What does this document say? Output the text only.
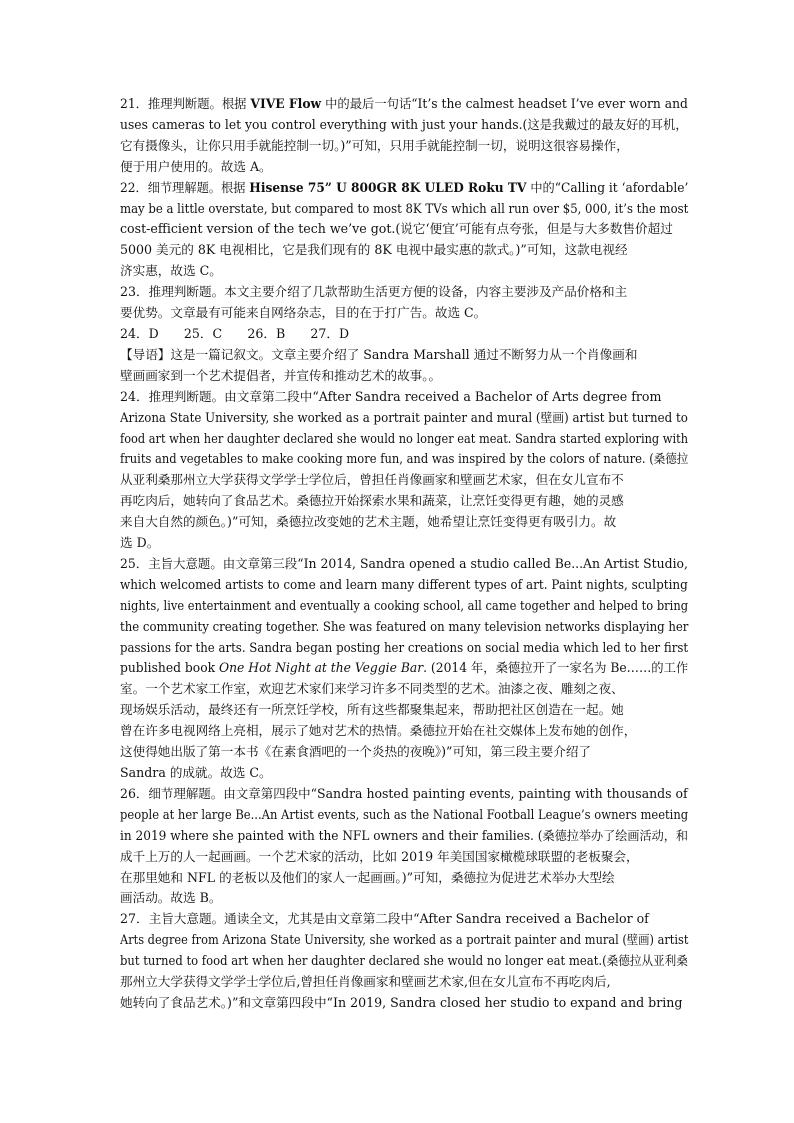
21．推理判断题。根据 VIVE Flow 中的最后一句话“It’s the calmest headset I’ve ever worn and
uses cameras to let you control everything with just your hands.(这是我戴过的最友好的耳机，
它有摄像头，让你只用手就能控制一切。)”可知，只用手就能控制一切，说明这很容易操作，
便于用户使用的。故选 A。
22．细节理解题。根据 Hisense 75” U 800GR 8K ULED Roku TV 中的“Calling it ‘afordable’
may be a little overstate, but compared to most 8K TVs which all run over $5, 000, it’s the most
cost-efficient version of the tech we’ve got.(说它‘便宜’可能有点夸张，但是与大多数售价超过
5000 美元的 8K 电视相比，它是我们现有的 8K 电视中最实惠的款式。)”可知，这款电视经
济实惠，故选 C。
23．推理判断题。本文主要介绍了几款帮助生活更方便的设备，内容主要涉及产品价格和主
要优势。文章最有可能来自网络杂志，目的在于打广告。故选 C。
24．D　　25．C　　26．B　　27．D
【导语】这是一篇记叙文。文章主要介绍了 Sandra Marshall 通过不断努力从一个肖像画和
壁画画家到一个艺术提倡者，并宣传和推动艺术的故事。。
24．推理判断题。由文章第二段中“After Sandra received a Bachelor of Arts degree from
Arizona State University, she worked as a portrait painter and mural (壁画) artist but turned to
food art when her daughter declared she would no longer eat meat. Sandra started exploring with
fruits and vegetables to make cooking more fun, and was inspired by the colors of nature. (桑德拉
从亚利桑那州立大学获得文学学士学位后，曾担任肖像画家和壁画艺术家，但在女儿宣布不
再吃肉后，她转向了食品艺术。桑德拉开始探索水果和蔬菜，让烹饪变得更有趣，她的灵感
来自大自然的颜色。)”可知，桑德拉改变她的艺术主题，她希望让烹饪变得更有吸引力。故
选 D。
25．主旨大意题。由文章第三段“In 2014, Sandra opened a studio called Be...An Artist Studio,
which welcomed artists to come and learn many different types of art. Paint nights, sculpting
nights, live entertainment and eventually a cooking school, all came together and helped to bring
the community creating together. She was featured on many television networks displaying her
passions for the arts. Sandra began posting her creations on social media which led to her first
published book One Hot Night at the Veggie Bar. (2014 年，桑德拉开了一家名为 Be……的工作
室。一个艺术家工作室，欢迎艺术家们来学习许多不同类型的艺术。油漆之夜、雕刻之夜、
现场娱乐活动，最终还有一所烹饪学校，所有这些都聚集起来，帮助把社区创造在一起。她
曾在许多电视网络上亮相，展示了她对艺术的热情。桑德拉开始在社交媒体上发布她的创作，
这使得她出版了第一本书《在素食酒吧的一个炎热的夜晚》)”可知，第三段主要介绍了
Sandra 的成就。故选 C。
26．细节理解题。由文章第四段中“Sandra hosted painting events, painting with thousands of
people at her large Be...An Artist events, such as the National Football League’s owners meeting
in 2019 where she painted with the NFL owners and their families. (桑德拉举办了绘画活动，和
成千上万的人一起画画。一个艺术家的活动，比如 2019 年美国国家橄榄球联盟的老板聚会，
在那里她和 NFL 的老板以及他们的家人一起画画。)”可知，桑德拉为促进艺术举办大型绘
画活动。故选 B。
27．主旨大意题。通读全文，尤其是由文章第二段中“After Sandra received a Bachelor of
Arts degree from Arizona State University, she worked as a portrait painter and mural (壁画) artist
but turned to food art when her daughter declared she would no longer eat meat.(桑德拉从亚利桑
那州立大学获得文学学士学位后,曾担任肖像画家和壁画艺术家,但在女儿宣布不再吃肉后,
她转向了食品艺术。)”和文章第四段中“In 2019, Sandra closed her studio to expand and bring
